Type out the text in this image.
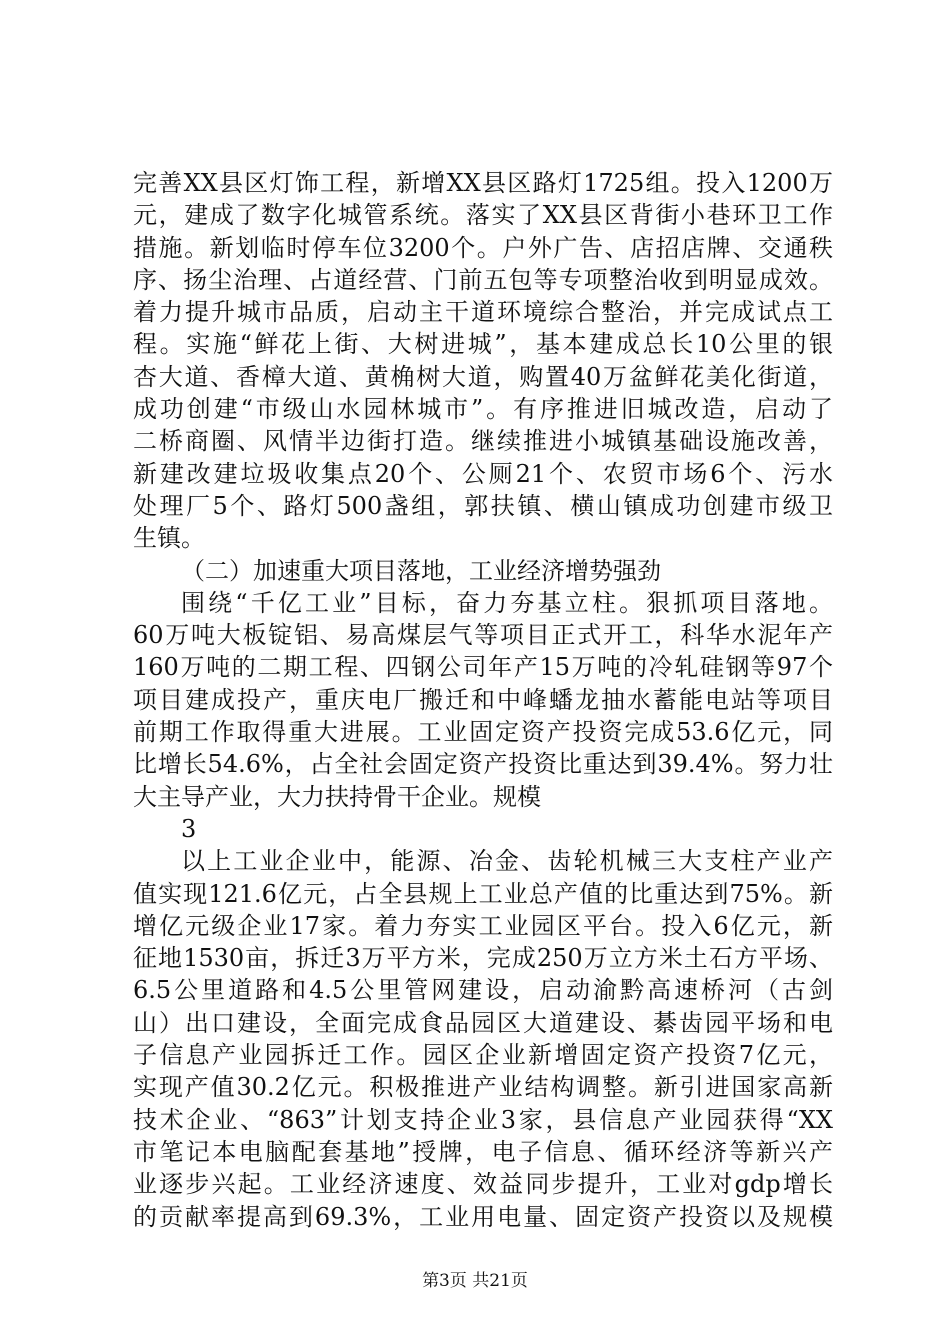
完善XX县区灯饰工程，新增XX县区路灯1725组。投入1200万
元，建成了数字化城管系统。落实了XX县区背街小巷环卫工作
措施。新划临时停车位3200个。户外广告、店招店牌、交通秩
序、扬尘治理、占道经营、门前五包等专项整治收到明显成效。
着力提升城市品质，启动主干道环境综合整治，并完成试点工
程。实施“鲜花上街、大树进城”，基本建成总长10公里的银
杏大道、香樟大道、黄桷树大道，购置40万盆鲜花美化街道，
成功创建“市级山水园林城市”。有序推进旧城改造，启动了
二桥商圈、风情半边街打造。继续推进小城镇基础设施改善，
新建改建垃圾收集点20个、公厕21个、农贸市场6个、污水
处理厂5个、路灯500盏组，郭扶镇、横山镇成功创建市级卫
生镇。
（二）加速重大项目落地，工业经济增势强劲
围绕“千亿工业”目标，奋力夯基立柱。狠抓项目落地。
60万吨大板锭铝、易高煤层气等项目正式开工，科华水泥年产
160万吨的二期工程、四钢公司年产15万吨的冷轧硅钢等97个
项目建成投产，重庆电厂搬迁和中峰蟠龙抽水蓄能电站等项目
前期工作取得重大进展。工业固定资产投资完成53.6亿元，同
比增长54.6%，占全社会固定资产投资比重达到39.4%。努力壮
大主导产业，大力扶持骨干企业。规模
3
以上工业企业中，能源、冶金、齿轮机械三大支柱产业产
值实现121.6亿元，占全县规上工业总产值的比重达到75%。新
增亿元级企业17家。着力夯实工业园区平台。投入6亿元，新
征地1530亩，拆迁3万平方米，完成250万立方米土石方平场、
6.5公里道路和4.5公里管网建设，启动渝黔高速桥河（古剑
山）出口建设，全面完成食品园区大道建设、綦齿园平场和电
子信息产业园拆迁工作。园区企业新增固定资产投资7亿元，
实现产值30.2亿元。积极推进产业结构调整。新引进国家高新
技术企业、“863”计划支持企业3家，县信息产业园获得“XX
市笔记本电脑配套基地”授牌，电子信息、循环经济等新兴产
业逐步兴起。工业经济速度、效益同步提升，工业对gdp增长
的贡献率提高到69.3%，工业用电量、固定资产投资以及规模
第3页 共21页
